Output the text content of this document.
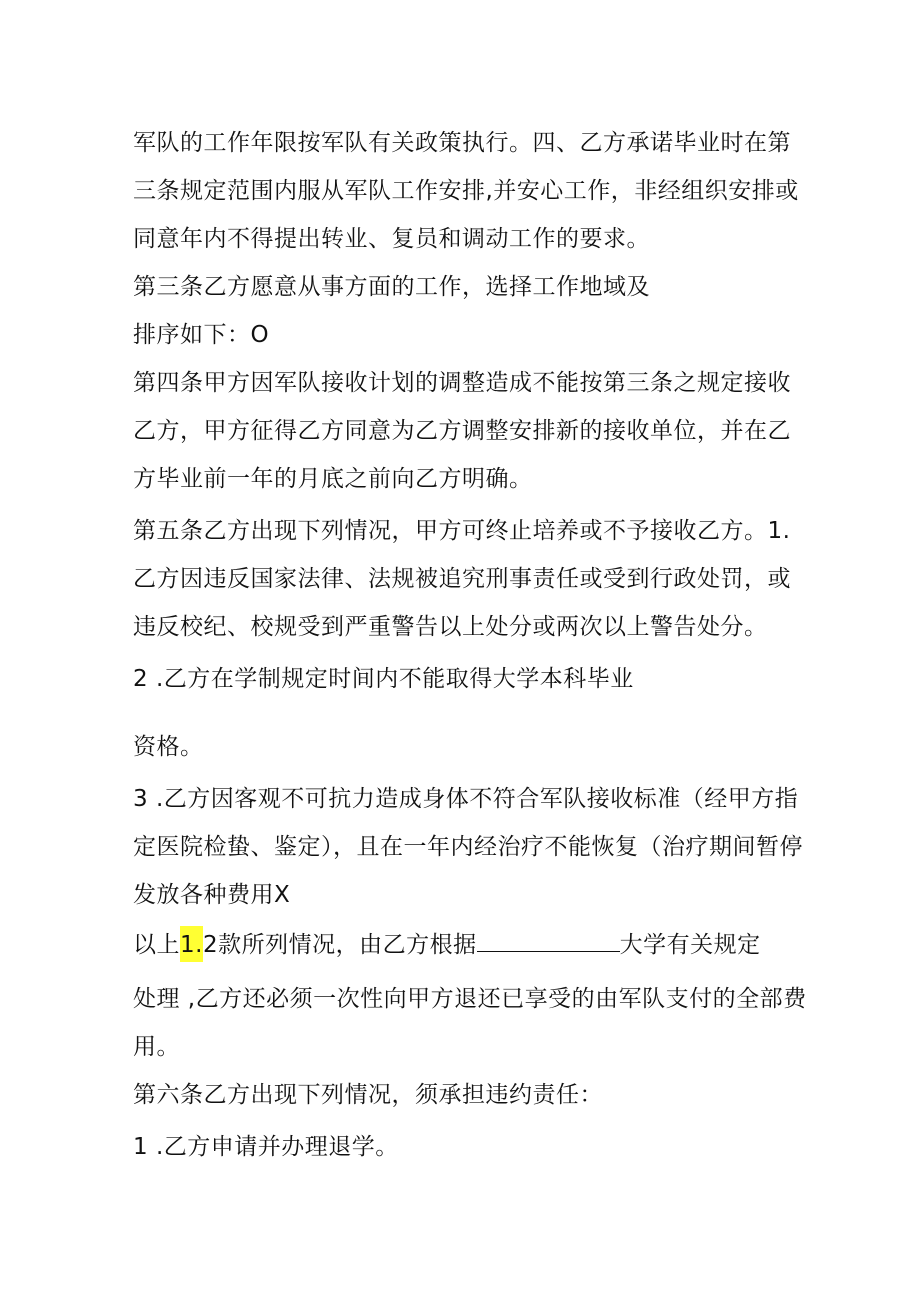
军队的工作年限按军队有关政策执行。四、乙方承诺毕业时在第
三条规定范围内服从军队工作安排,并安心工作，非经组织安排或
同意年内不得提出转业、复员和调动工作的要求。
第三条乙方愿意从事方面的工作，选择工作地域及
排序如下：O
第四条甲方因军队接收计划的调整造成不能按第三条之规定接收
乙方，甲方征得乙方同意为乙方调整安排新的接收单位，并在乙
方毕业前一年的月底之前向乙方明确。
第五条乙方出现下列情况，甲方可终止培养或不予接收乙方。1.
乙方因违反国家法律、法规被追究刑事责任或受到行政处罚，或
违反校纪、校规受到严重警告以上处分或两次以上警告处分。
2 .乙方在学制规定时间内不能取得大学本科毕业
资格。
3 .乙方因客观不可抗力造成身体不符合军队接收标准（经甲方指
定医院检蛰、鉴定），且在一年内经治疗不能恢复（治疗期间暂停
发放各种费用X
以上1.2款所列情况，由乙方根据	大学有关规定
处理 ,乙方还必须一次性向甲方退还已享受的由军队支付的全部费
用。
第六条乙方出现下列情况，须承担违约责任：
1 .乙方申请并办理退学。
